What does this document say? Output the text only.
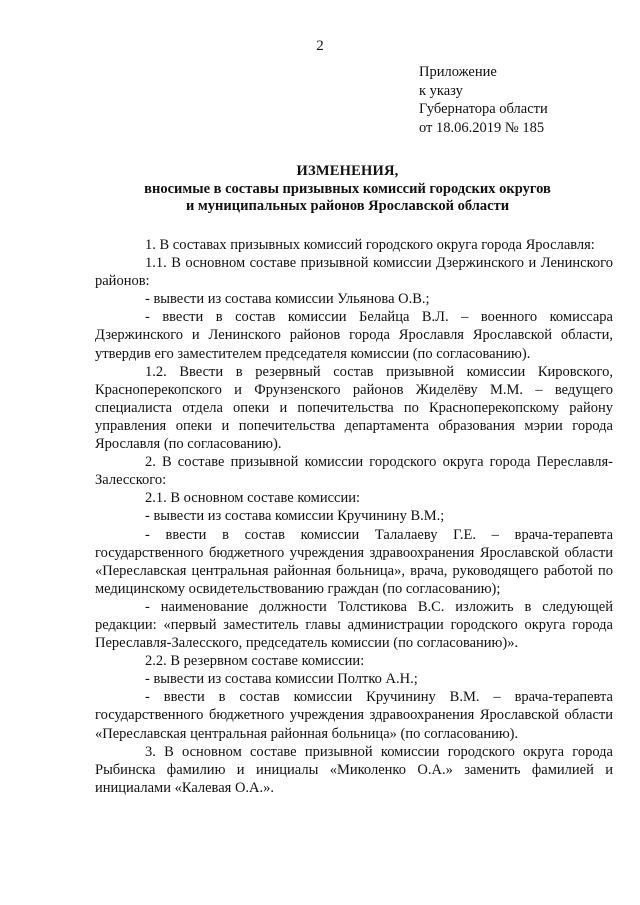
2
Приложение
к указу
Губернатора области
от 18.06.2019 № 185
ИЗМЕНЕНИЯ,
вносимые в составы призывных комиссий городских округов
и муниципальных районов Ярославской области

1. В составах призывных комиссий городского округа города Ярославля:

1.1. В основном составе призывной комиссии Дзержинского и Ленинского районов:

- вывести из состава комиссии Ульянова О.В.;

- ввести в состав комиссии Белайца В.Л. – военного комиссара Дзержинского и Ленинского районов города Ярославля Ярославской области, утвердив его заместителем председателя комиссии (по согласованию).

1.2. Ввести в резервный состав призывной комиссии Кировского, Красноперекопского и Фрунзенского районов Жиделёву М.М. – ведущего специалиста отдела опеки и попечительства по Красноперекопскому району управления опеки и попечительства департамента образования мэрии города Ярославля (по согласованию).

2. В составе призывной комиссии городского округа города Переславля-Залесского:

2.1. В основном составе комиссии:

- вывести из состава комиссии Кручинину В.М.;

- ввести в состав комиссии Талалаеву Г.Е. – врача-терапевта государственного бюджетного учреждения здравоохранения Ярославской области «Переславская центральная районная больница», врача, руководящего работой по медицинскому освидетельствованию граждан (по согласованию);

- наименование должности Толстикова В.С. изложить в следующей редакции: «первый заместитель главы администрации городского округа города Переславля-Залесского, председатель комиссии (по согласованию)».

2.2. В резервном составе комиссии:

- вывести из состава комиссии Полтко А.Н.;

- ввести в состав комиссии Кручинину В.М. – врача-терапевта государственного бюджетного учреждения здравоохранения Ярославской области «Переславская центральная районная больница» (по согласованию).

3. В основном составе призывной комиссии городского округа города Рыбинска фамилию и инициалы «Миколенко О.А.» заменить фамилией и инициалами «Калевая О.А.».
